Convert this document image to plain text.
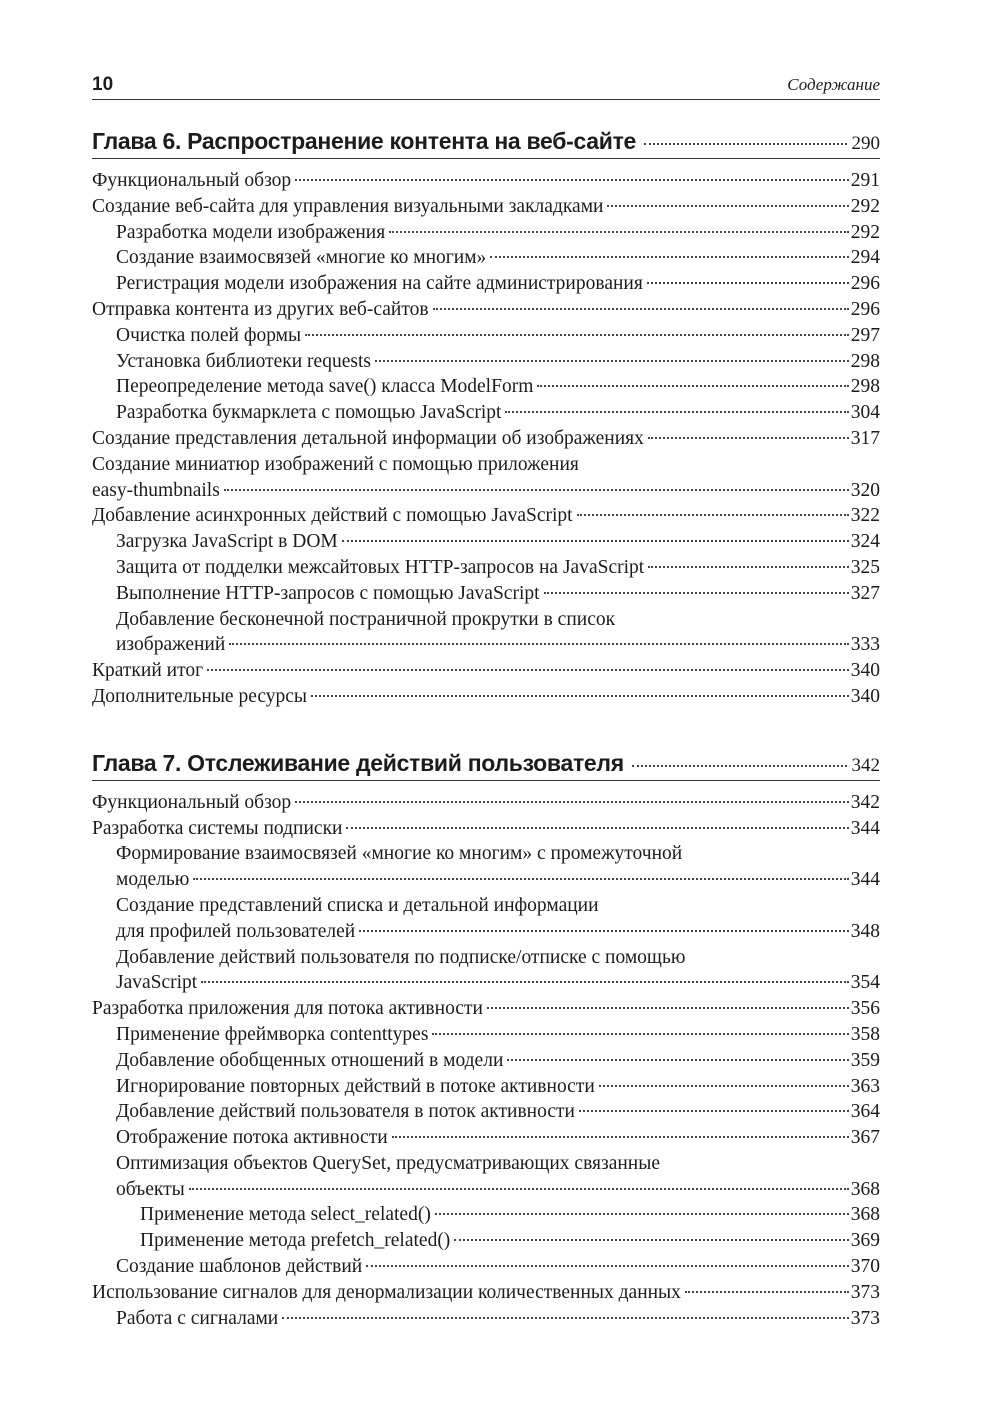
10	Содержание
Глава 6. Распространение контента на веб-сайте	290
Функциональный обзор	291
Создание веб-сайта для управления визуальными закладками	292
Разработка модели изображения	292
Создание взаимосвязей «многие ко многим»	294
Регистрация модели изображения на сайте администрирования	296
Отправка контента из других веб-сайтов	296
Очистка полей формы	297
Установка библиотеки requests	298
Переопределение метода save() класса ModelForm	298
Разработка букмарклета с помощью JavaScript	304
Создание представления детальной информации об изображениях	317
Создание миниатюр изображений с помощью приложения
easy-thumbnails	320
Добавление асинхронных действий с помощью JavaScript	322
Загрузка JavaScript в DOM	324
Защита от подделки межсайтовых HTTP-запросов на JavaScript	325
Выполнение HTTP-запросов с помощью JavaScript	327
Добавление бесконечной постраничной прокрутки в список
изображений	333
Краткий итог	340
Дополнительные ресурсы	340
Глава 7. Отслеживание действий пользователя	342
Функциональный обзор	342
Разработка системы подписки	344
Формирование взаимосвязей «многие ко многим» с промежуточной
моделью	344
Создание представлений списка и детальной информации
для профилей пользователей	348
Добавление действий пользователя по подписке/отписке с помощью
JavaScript	354
Разработка приложения для потока активности	356
Применение фреймворка contenttypes	358
Добавление обобщенных отношений в модели	359
Игнорирование повторных действий в потоке активности	363
Добавление действий пользователя в поток активности	364
Отображение потока активности	367
Оптимизация объектов QuerySet, предусматривающих связанные
объекты	368
Применение метода select_related()	368
Применение метода prefetch_related()	369
Создание шаблонов действий	370
Использование сигналов для денормализации количественных данных	373
Работа с сигналами	373
